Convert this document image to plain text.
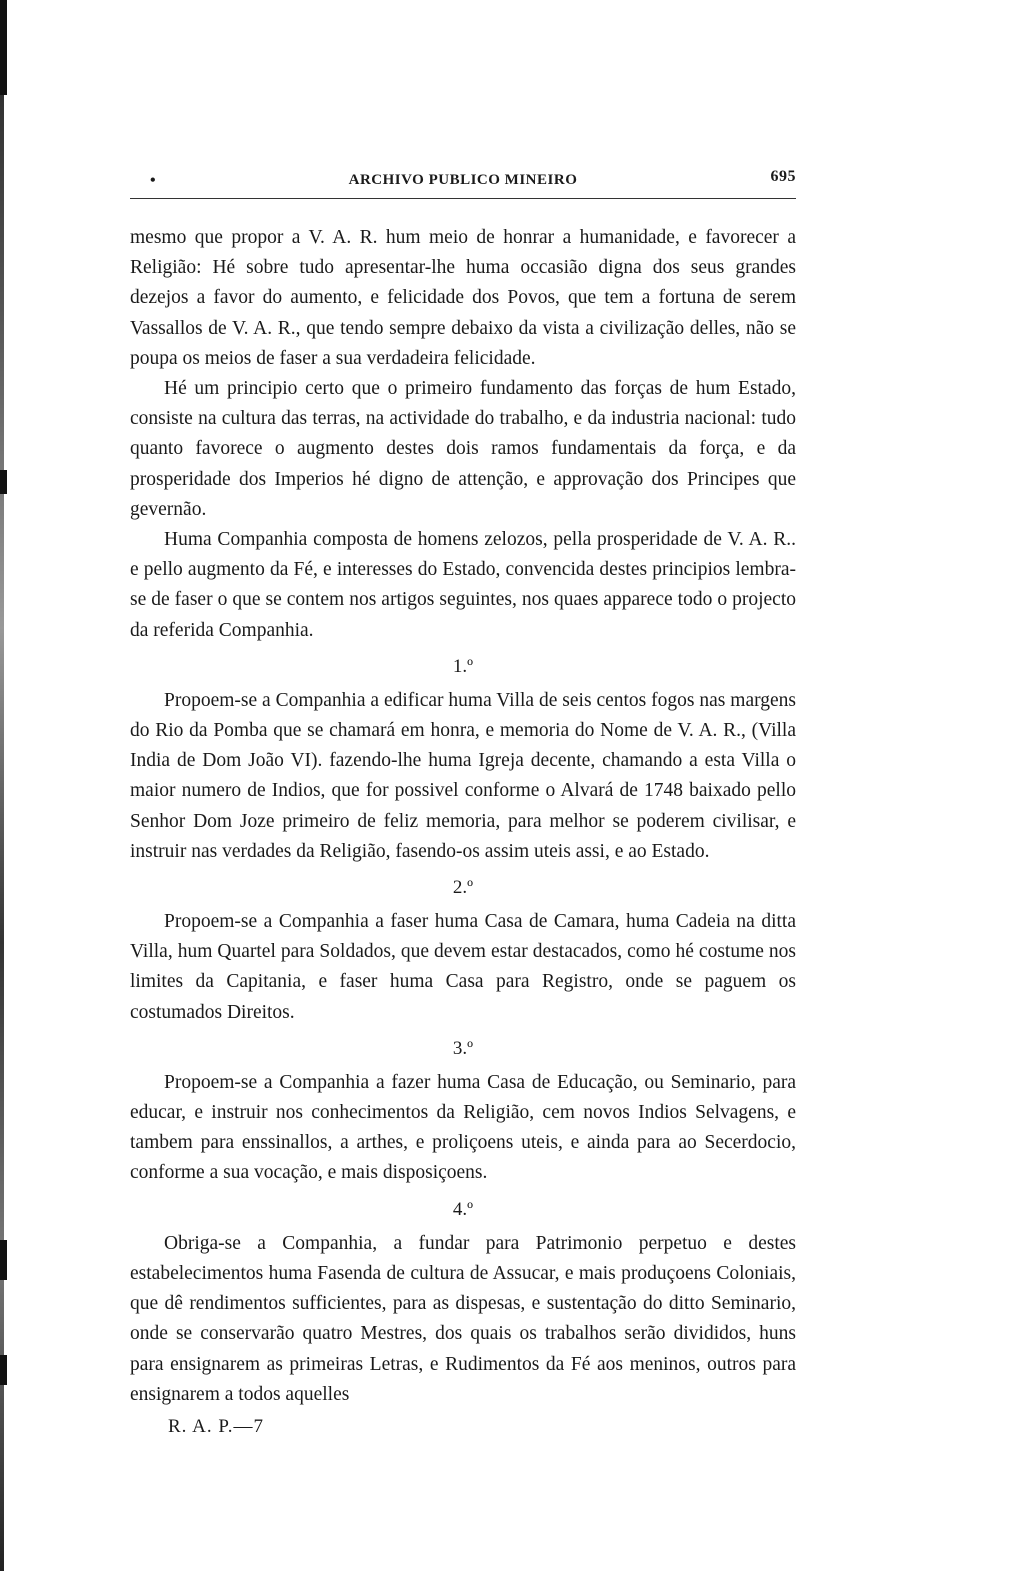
•	ARCHIVO PUBLICO MINEIRO	695

mesmo que propor a V. A. R. hum meio de honrar a humanidade, e favorecer a Religião: Hé sobre tudo apresentar-lhe huma occasião digna dos seus grandes dezejos a favor do aumento, e felicidade dos Povos, que tem a fortuna de serem Vassallos de V. A. R., que tendo sempre debaixo da vista a civilização delles, não se poupa os meios de faser a sua verdadeira felicidade.

Hé um principio certo que o primeiro fundamento das forças de hum Estado, consiste na cultura das terras, na actividade do trabalho, e da industria nacional: tudo quanto favorece o augmento destes dois ramos fundamentais da força, e da prosperidade dos Imperios hé digno de attenção, e approvação dos Principes que gevernão.

Huma Companhia composta de homens zelozos, pella prosperidade de V. A. R.. e pello augmento da Fé, e interesses do Estado, convencida destes principios lembra-se de faser o que se contem nos artigos seguintes, nos quaes apparece todo o projecto da referida Companhia.

1.º

Propoem-se a Companhia a edificar huma Villa de seis centos fogos nas margens do Rio da Pomba que se chamará em honra, e memoria do Nome de V. A. R., (Villa India de Dom João VI). fazendo-lhe huma Igreja decente, chamando a esta Villa o maior numero de Indios, que for possivel conforme o Alvará de 1748 baixado pello Senhor Dom Joze primeiro de feliz memoria, para melhor se poderem civilisar, e instruir nas verdades da Religião, fasendo-os assim uteis assi, e ao Estado.

2.º

Propoem-se a Companhia a faser huma Casa de Camara, huma Cadeia na ditta Villa, hum Quartel para Soldados, que devem estar destacados, como hé costume nos limites da Capitania, e faser huma Casa para Registro, onde se paguem os costumados Direitos.

3.º

Propoem-se a Companhia a fazer huma Casa de Educação, ou Seminario, para educar, e instruir nos conhecimentos da Religião, cem novos Indios Selvagens, e tambem para enssinallos, a arthes, e proliçoens uteis, e ainda para ao Secerdocio, conforme a sua vocação, e mais disposiçoens.

4.º

Obriga-se a Companhia, a fundar para Patrimonio perpetuo e destes estabelecimentos huma Fasenda de cultura de Assucar, e mais produçoens Coloniais, que dê rendimentos sufficientes, para as dispesas, e sustentação do ditto Seminario, onde se conservarão quatro Mestres, dos quais os trabalhos serão divididos, huns para ensignarem as primeiras Letras, e Rudimentos da Fé aos meninos, outros para ensignarem a todos aquelles

R. A. P.—7
